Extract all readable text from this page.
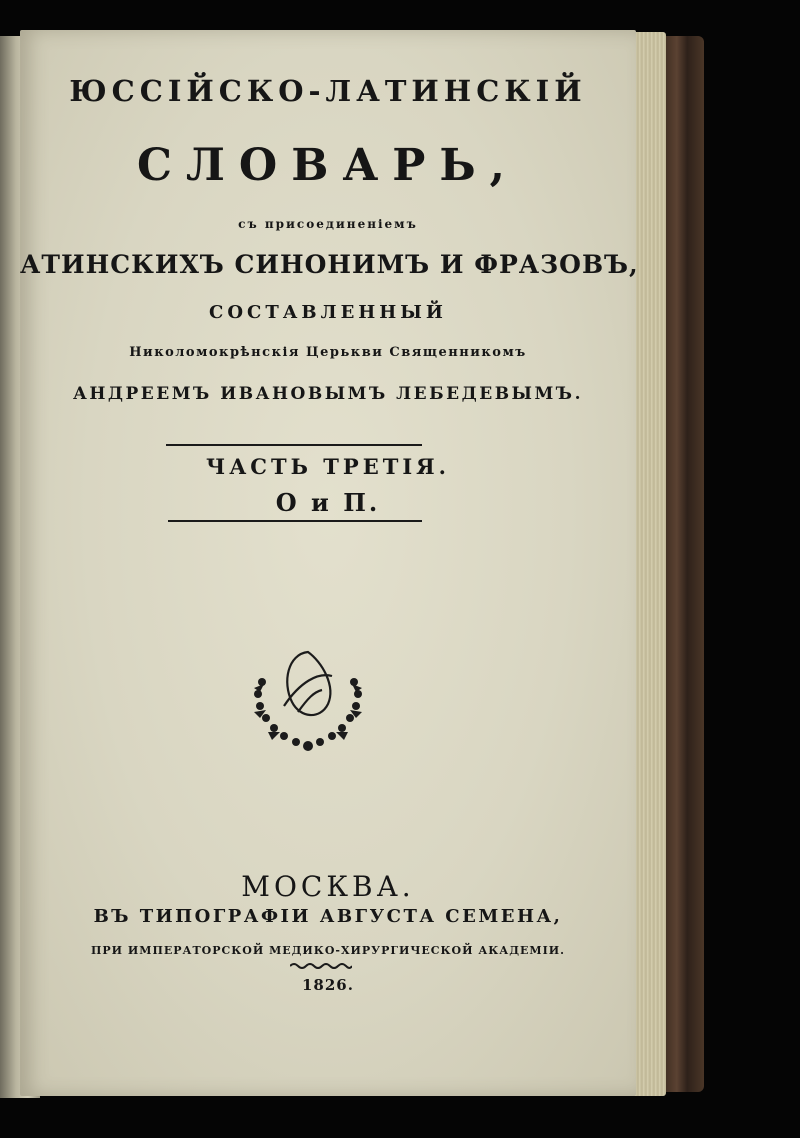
ЮССІЙСКО-ЛАТИНСКІЙ
СЛОВАРЬ,
съ присоединеніемъ
АТИНСКИХЪ СИНОНИМЪ И ФРАЗОВЪ,
СОСТАВЛЕННЫЙ
Николомокрѣнскія Церькви Священникомъ
АНДРЕЕМЪ ИВАНОВЫМЪ ЛЕБЕДЕВЫМЪ.
ЧАСТЬ ТРЕТІЯ.
О и П.
МОСКВА.
ВЪ ТИПОГРАФІИ АВГУСТА СЕМЕНА,
ПРИ ИМПЕРАТОРСКОЙ МЕДИКО-ХИРУРГИЧЕСКОЙ АКАДЕМІИ.
1826.
